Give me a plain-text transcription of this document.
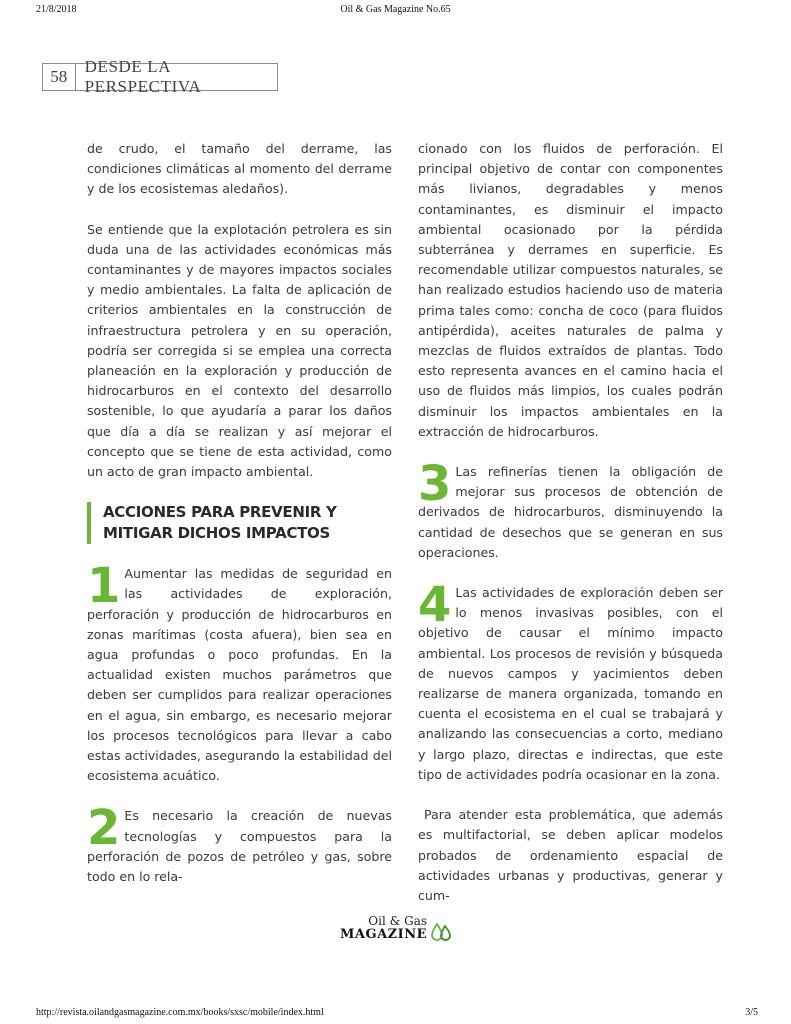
21/8/2018	Oil & Gas Magazine No.65
58
DESDE LA PERSPECTIVA

de crudo, el tamaño del derrame, las condiciones climáticas al momento del derrame y de los ecosistemas aledaños).

Se entiende que la explotación petrolera es sin duda una de las actividades económicas más contaminantes y de mayores impactos sociales y medio ambientales. La falta de aplicación de criterios ambientales en la construcción de infraestructura petrolera y en su operación, podría ser corregida si se emplea una correcta planeación en la exploración y producción de hidrocarburos en el contexto del desarrollo sostenible, lo que ayudaría a parar los daños que día a día se realizan y así mejorar el concepto que se tiene de esta actividad, como un acto de gran impacto ambiental.

ACCIONES PARA PREVENIR Y MITIGAR DICHOS IMPACTOS

1 Aumentar las medidas de seguridad en las actividades de exploración, perforación y producción de hidrocarburos en zonas marítimas (costa afuera), bien sea en agua profundas o poco profundas. En la actualidad existen muchos parámetros que deben ser cumplidos para realizar operaciones en el agua, sin embargo, es necesario mejorar los procesos tecnológicos para llevar a cabo estas actividades, asegurando la estabilidad del ecosistema acuático.

2 Es necesario la creación de nuevas tecnologías y compuestos para la perforación de pozos de petróleo y gas, sobre todo en lo rela-

cionado con los fluidos de perforación. El principal objetivo de contar con componentes más livianos, degradables y menos contaminantes, es disminuir el impacto ambiental ocasionado por la pérdida subterránea y derrames en superficie. Es recomendable utilizar compuestos naturales, se han realizado estudios haciendo uso de materia prima tales como: concha de coco (para fluidos antipérdida), aceites naturales de palma y mezclas de fluidos extraídos de plantas. Todo esto representa avances en el camino hacia el uso de fluidos más limpios, los cuales podrán disminuir los impactos ambientales en la extracción de hidrocarburos.

3 Las refinerías tienen la obligación de mejorar sus procesos de obtención de derivados de hidrocarburos, disminuyendo la cantidad de desechos que se generan en sus operaciones.

4 Las actividades de exploración deben ser lo menos invasivas posibles, con el objetivo de causar el mínimo impacto ambiental. Los procesos de revisión y búsqueda de nuevos campos y yacimientos deben realizarse de manera organizada, tomando en cuenta el ecosistema en el cual se trabajará y analizando las consecuencias a corto, mediano y largo plazo, directas e indirectas, que este tipo de actividades podría ocasionar en la zona.

Para atender esta problemática, que además es multifactorial, se deben aplicar modelos probados de ordenamiento espacial de actividades urbanas y productivas, generar y cum-

Oil & Gas
MAGAZINE
http://revista.oilandgasmagazine.com.mx/books/sxsc/mobile/index.html	3/5
